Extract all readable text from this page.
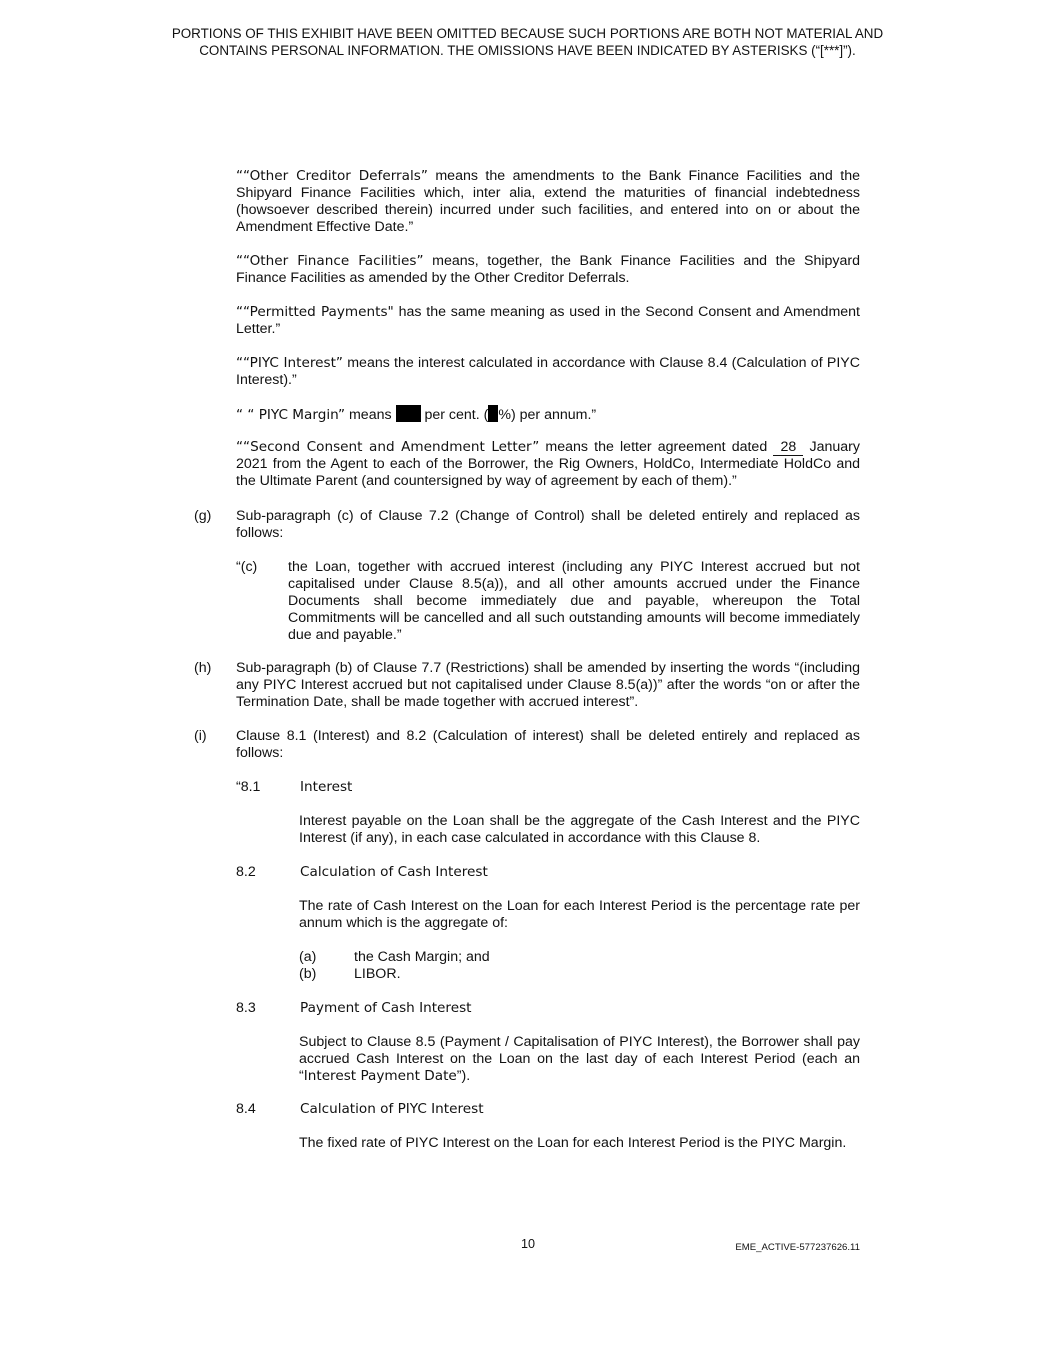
PORTIONS OF THIS EXHIBIT HAVE BEEN OMITTED BECAUSE SUCH PORTIONS ARE BOTH NOT MATERIAL AND
CONTAINS PERSONAL INFORMATION. THE OMISSIONS HAVE BEEN INDICATED BY ASTERISKS (“[***]”).
““Other Creditor Deferrals” means the amendments to the Bank Finance Facilities and the Shipyard Finance Facilities which, inter alia, extend the maturities of financial indebtedness (howsoever described therein) incurred under such facilities, and entered into on or about the Amendment Effective Date.”
““Other Finance Facilities” means, together, the Bank Finance Facilities and the Shipyard Finance Facilities as amended by the Other Creditor Deferrals.
““Permitted Payments" has the same meaning as used in the Second Consent and Amendment Letter.”
““PIYC Interest” means the interest calculated in accordance with Clause 8.4 (Calculation of PIYC Interest).”
“ “ PIYC Margin” means  per cent. ( %) per annum.”
““Second Consent and Amendment Letter” means the letter agreement dated 28 January 2021 from the Agent to each of the Borrower, the Rig Owners, HoldCo, Intermediate HoldCo and the Ultimate Parent (and countersigned by way of agreement by each of them).”
(g) Sub-paragraph (c) of Clause 7.2 (Change of Control) shall be deleted entirely and replaced as follows:
“(c) the Loan, together with accrued interest (including any PIYC Interest accrued but not capitalised under Clause 8.5(a)), and all other amounts accrued under the Finance Documents shall become immediately due and payable, whereupon the Total Commitments will be cancelled and all such outstanding amounts will become immediately due and payable.”
(h) Sub-paragraph (b) of Clause 7.7 (Restrictions) shall be amended by inserting the words “(including any PIYC Interest accrued but not capitalised under Clause 8.5(a))” after the words “on or after the Termination Date, shall be made together with accrued interest”.
(i) Clause 8.1 (Interest) and 8.2 (Calculation of interest) shall be deleted entirely and replaced as follows:
“8.1	Interest
Interest payable on the Loan shall be the aggregate of the Cash Interest and the PIYC Interest (if any), in each case calculated in accordance with this Clause 8.
8.2	Calculation of Cash Interest
The rate of Cash Interest on the Loan for each Interest Period is the percentage rate per annum which is the aggregate of:
(a)	the Cash Margin; and
(b)	LIBOR.
8.3	Payment of Cash Interest
Subject to Clause 8.5 (Payment / Capitalisation of PIYC Interest), the Borrower shall pay accrued Cash Interest on the Loan on the last day of each Interest Period (each an “Interest Payment Date”).
8.4	Calculation of PIYC Interest
The fixed rate of PIYC Interest on the Loan for each Interest Period is the PIYC Margin.
10	EME_ACTIVE-577237626.11
